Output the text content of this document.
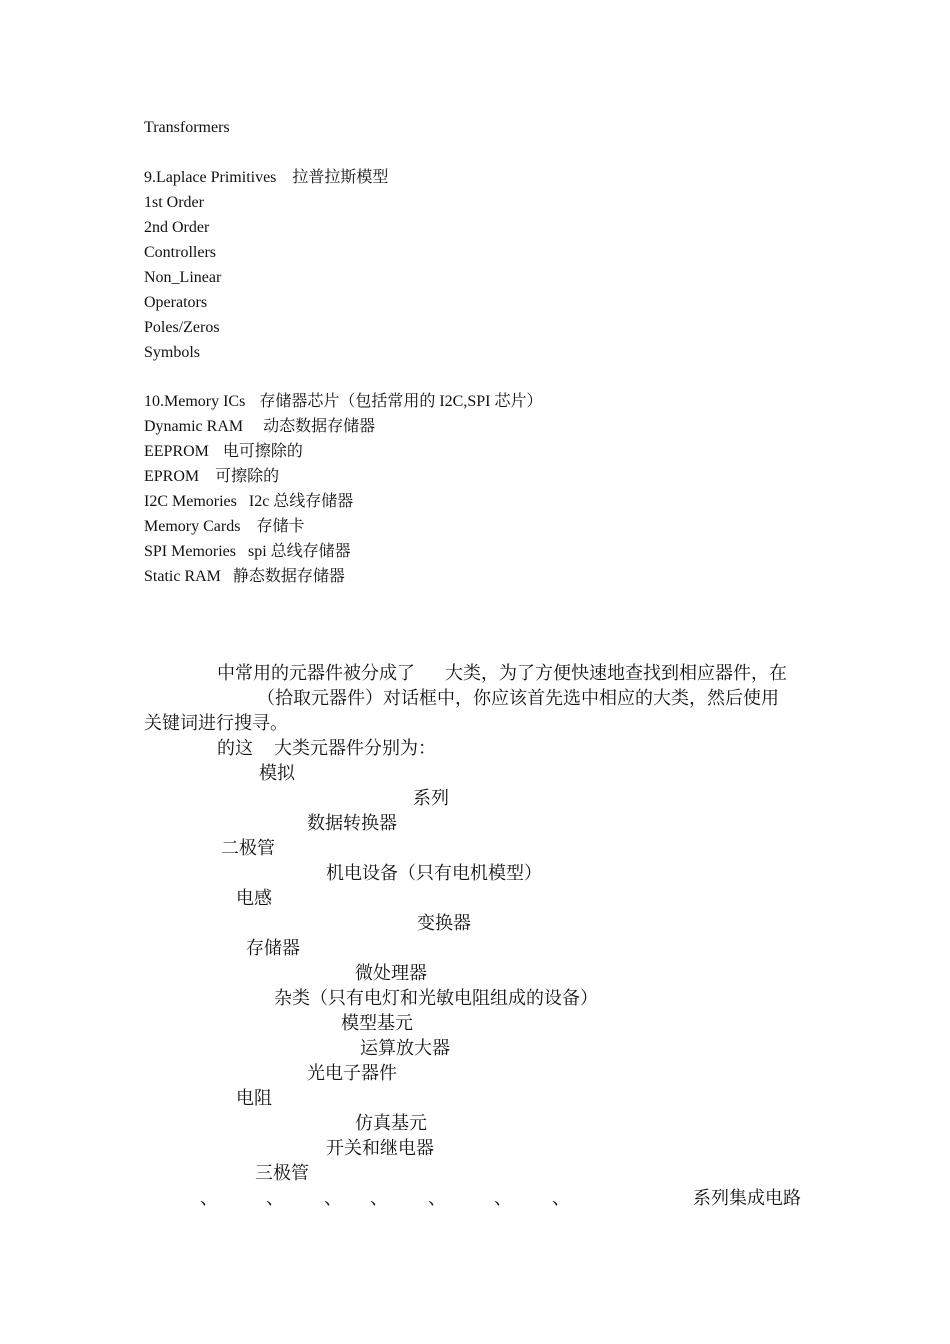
Transformers
9.Laplace Primitives 拉普拉斯模型
1st Order
2nd Order
Controllers
Non_Linear
Operators
Poles/Zeros
Symbols
10.Memory ICs 存储器芯片（包括常用的 I2C,SPI 芯片）
Dynamic RAM 动态数据存储器
EEPROM 电可擦除的
EPROM 可擦除的
I2C Memories I2c 总线存储器
Memory Cards 存储卡
SPI Memories spi 总线存储器
Static RAM 静态数据存储器
中常用的元器件被分成了 大类，为了方便快速地查找到相应器件，在
（拾取元器件）对话框中，你应该首先选中相应的大类，然后使用
关键词进行搜寻。
的这 大类元器件分别为：
模拟
系列
数据转换器
二极管
机电设备（只有电机模型）
电感
变换器
存储器
微处理器
杂类（只有电灯和光敏电阻组成的设备）
模型基元
运算放大器
光电子器件
电阻
仿真基元
开关和继电器
三极管
、	、 、 、 、	、 、	系列集成电路
